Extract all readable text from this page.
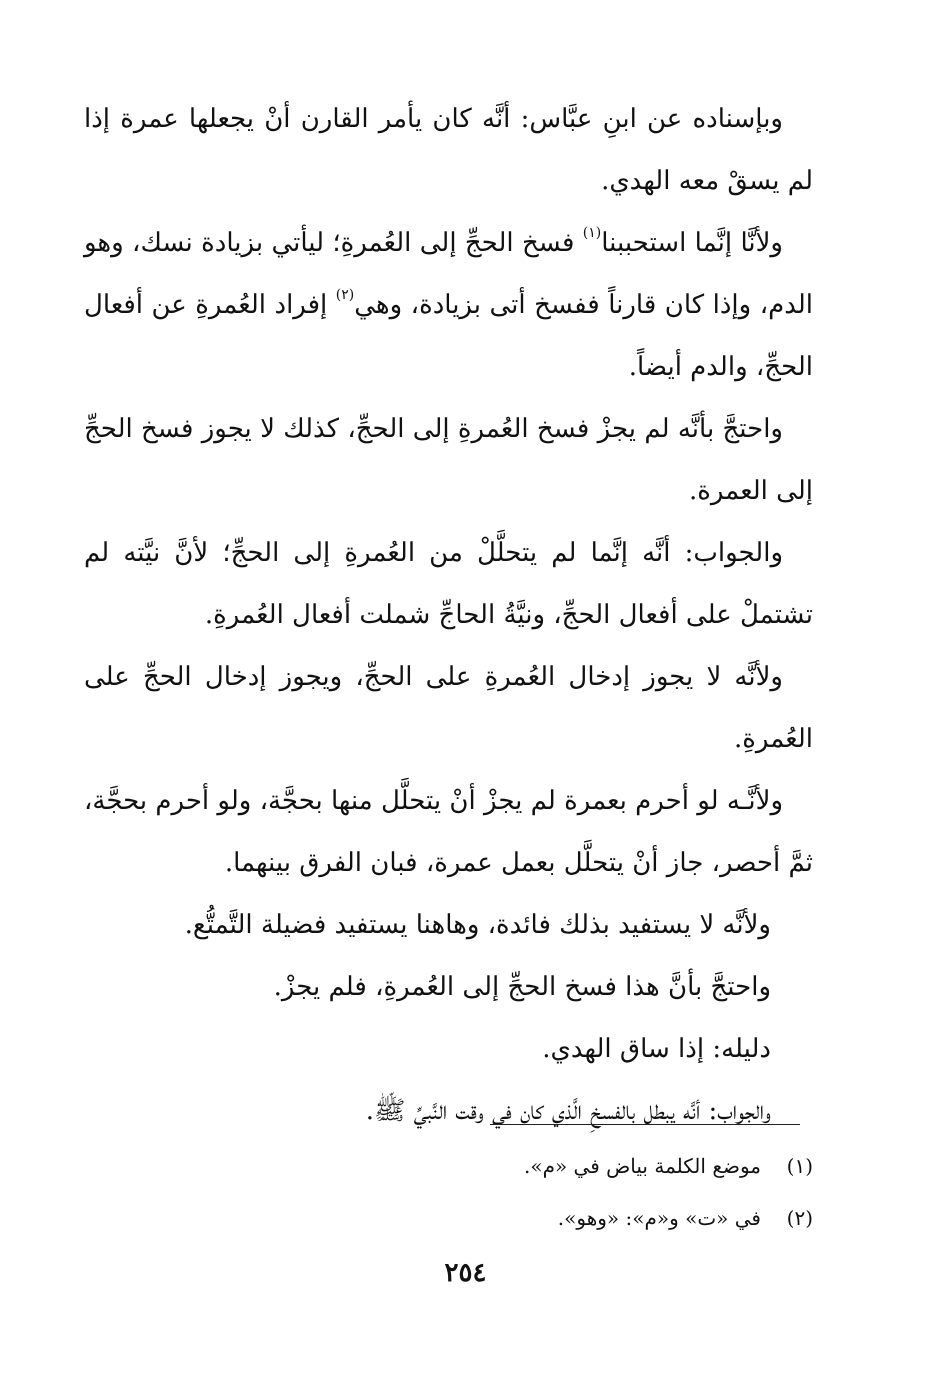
وبإسناده عن ابنِ عبَّاس: أنَّه كان يأمر القارن أنْ يجعلها عمرة إذا لم يسقْ معه الهدي.

ولأنَّا إنَّما استحببنا$^{(١)}$ فسخ الحجِّ إلى العُمرةِ؛ ليأتي بزيادة نسك، وهو الدم، وإذا كان قارناً ففسخ أتى بزيادة، وهي$^{(٢)}$ إفراد العُمرةِ عن أفعال الحجِّ، والدم أيضاً.

واحتجَّ بأنَّه لم يجزْ فسخ العُمرةِ إلى الحجِّ، كذلك لا يجوز فسخ الحجِّ إلى العمرة.

والجواب: أنَّه إنَّما لم يتحلَّلْ من العُمرةِ إلى الحجِّ؛ لأنَّ نيَّته لم تشتملْ على أفعال الحجِّ، ونيَّةُ الحاجِّ شملت أفعال العُمرةِ.

ولأنَّه لا يجوز إدخال العُمرةِ على الحجِّ، ويجوز إدخال الحجِّ على العُمرةِ.

ولأنَّـه لو أحرم بعمرة لم يجزْ أنْ يتحلَّل منها بحجَّة، ولو أحرم بحجَّة، ثمَّ أحصر، جاز أنْ يتحلَّل بعمل عمرة، فبان الفرق بينهما.

ولأنَّه لا يستفيد بذلك فائدة، وهاهنا يستفيد فضيلة التَّمتُّع.

واحتجَّ بأنَّ هذا فسخ الحجِّ إلى العُمرةِ، فلم يجزْ.

دليله: إذا ساق الهدي.

والجواب: أنَّه يبطل بالفسخِ الَّذي كان في وقت النَّبيِّ ﷺ.

(١)موضع الكلمة بياض في «م».

(٢)في «ت» و«م»: «وهو».

٢٥٤
